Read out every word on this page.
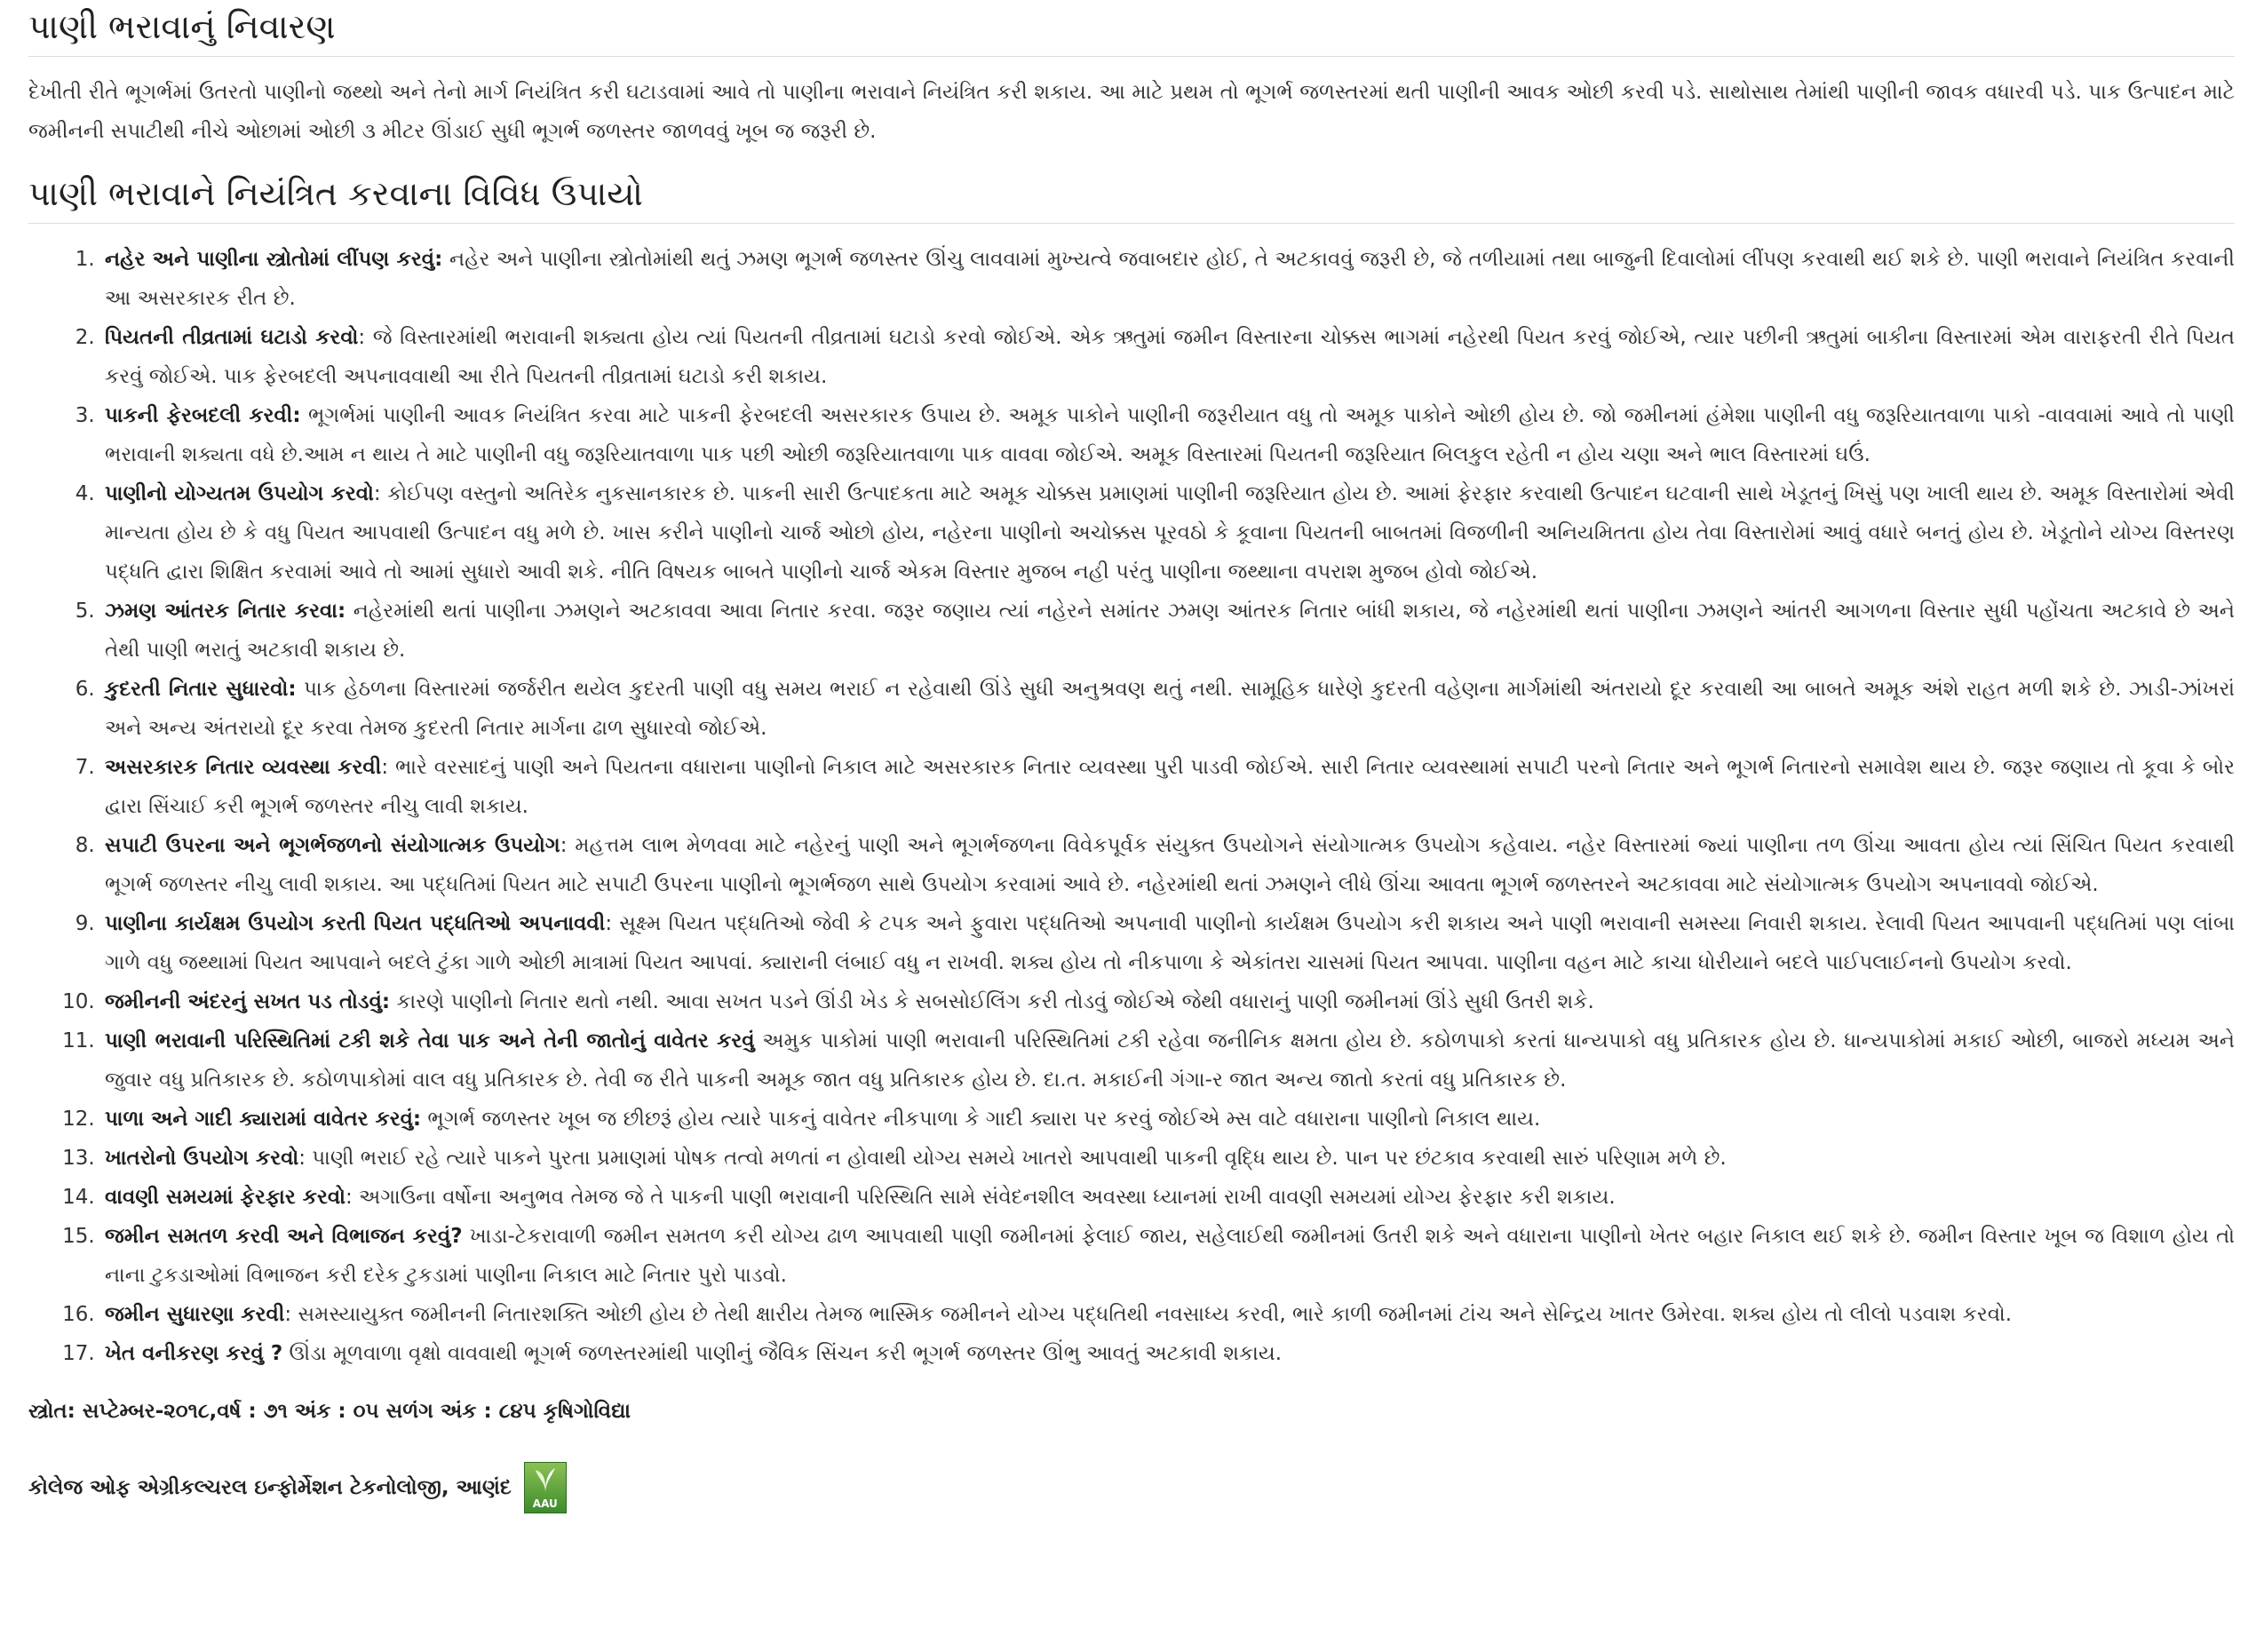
પાણી ભરાવાનું નિવારણ

દેખીતી રીતે ભૂગર્ભમાં ઉતરતો પાણીનો જથ્થો અને તેનો માર્ગ નિયંત્રિત કરી ઘટાડવામાં આવે તો પાણીના ભરાવાને નિયંત્રિત કરી શકાય. આ માટે પ્રથમ તો ભૂગર્ભ જળસ્તરમાં થતી પાણીની આવક ઓછી કરવી પડે. સાથોસાથ તેમાંથી પાણીની જાવક વધારવી પડે. પાક ઉત્પાદન માટે જમીનની સપાટીથી નીચે ઓછામાં ઓછી ૩ મીટર ઊંડાઈ સુધી ભૂગર્ભ જળસ્તર જાળવવું ખૂબ જ જરૂરી છે.

પાણી ભરાવાને નિયંત્રિત કરવાના વિવિધ ઉપાયો
1. નહેર અને પાણીના સ્ત્રોતોમાં લીંપણ કરવું: નહેર અને પાણીના સ્ત્રોતોમાંથી થતું ઝમણ ભૂગર્ભ જળસ્તર ઊંચુ લાવવામાં મુખ્યત્વે જવાબદાર હોઈ, તે અટકાવવું જરૂરી છે, જે તળીયામાં તથા બાજુની દિવાલોમાં લીંપણ કરવાથી થઈ શકે છે. પાણી ભરાવાને નિયંત્રિત કરવાની આ અસરકારક રીત છે.
2. પિયતની તીવ્રતામાં ઘટાડો કરવો: જે વિસ્તારમાંથી ભરાવાની શક્યતા હોય ત્યાં પિયતની તીવ્રતામાં ઘટાડો કરવો જોઈએ. એક ઋતુમાં જમીન વિસ્તારના ચોક્કસ ભાગમાં નહેરથી પિયત કરવું જોઈએ, ત્યાર પછીની ઋતુમાં બાકીના વિસ્તારમાં એમ વારાફરતી રીતે પિયત કરવું જોઈએ. પાક ફેરબદલી અપનાવવાથી આ રીતે પિયતની તીવ્રતામાં ઘટાડો કરી શકાય.
3. પાકની ફેરબદલી કરવી: ભૂગર્ભમાં પાણીની આવક નિયંત્રિત કરવા માટે પાકની ફેરબદલી અસરકારક ઉપાય છે. અમૂક પાકોને પાણીની જરૂરીયાત વધુ તો અમૂક પાકોને ઓછી હોય છે. જો જમીનમાં હંમેશા પાણીની વધુ જરૂરિયાતવાળા પાકો -વાવવામાં આવે તો પાણી ભરાવાની શક્યતા વધે છે.આમ ન થાય તે માટે પાણીની વધુ જરૂરિયાતવાળા પાક પછી ઓછી જરૂરિયાતવાળા પાક વાવવા જોઈએ. અમૂક વિસ્તારમાં પિયતની જરૂરિયાત બિલકુલ રહેતી ન હોય ચણા અને ભાલ વિસ્તારમાં ઘઉં.
4. પાણીનો યોગ્યતમ ઉપયોગ કરવો: કોઈપણ વસ્તુનો અતિરેક નુકસાનકારક છે. પાકની સારી ઉત્પાદકતા માટે અમૂક ચોક્કસ પ્રમાણમાં પાણીની જરૂરિયાત હોય છે. આમાં ફેરફાર કરવાથી ઉત્પાદન ઘટવાની સાથે ખેડૂતનું ખિસું પણ ખાલી થાય છે. અમૂક વિસ્તારોમાં એવી માન્યતા હોય છે કે વધુ પિયત આપવાથી ઉત્પાદન વધુ મળે છે. ખાસ કરીને પાણીનો ચાર્જ ઓછો હોય, નહેરના પાણીનો અચોક્કસ પૂરવઠો કે કૂવાના પિયતની બાબતમાં વિજળીની અનિયમિતતા હોય તેવા વિસ્તારોમાં આવું વધારે બનતું હોય છે. ખેડૂતોને યોગ્ય વિસ્તરણ પદ્ધતિ દ્વારા શિક્ષિત કરવામાં આવે તો આમાં સુધારો આવી શકે. નીતિ વિષયક બાબતે પાણીનો ચાર્જ એકમ વિસ્તાર મુજબ નહી પરંતુ પાણીના જથ્થાના વપરાશ મુજબ હોવો જોઈએ.
5. ઝમણ આંતરક નિતાર કરવા: નહેરમાંથી થતાં પાણીના ઝમણને અટકાવવા આવા નિતાર કરવા. જરૂર જણાય ત્યાં નહેરને સમાંતર ઝમણ આંતરક નિતાર બાંધી શકાય, જે નહેરમાંથી થતાં પાણીના ઝમણને આંતરી આગળના વિસ્તાર સુધી પહોંચતા અટકાવે છે અને તેથી પાણી ભરાતું અટકાવી શકાય છે.
6. કુદરતી નિતાર સુધારવો: પાક હેઠળના વિસ્તારમાં જર્જરીત થયેલ કુદરતી પાણી વધુ સમય ભરાઈ ન રહેવાથી ઊંડે સુધી અનુશ્રવણ થતું નથી. સામૂહિક ધારેણે કુદરતી વહેણના માર્ગમાંથી અંતરાયો દૂર કરવાથી આ બાબતે અમૂક અંશે રાહત મળી શકે છે. ઝાડી-ઝાંખરાં અને અન્ય અંતરાયો દૂર કરવા તેમજ કુદરતી નિતાર માર્ગના ઢાળ સુધારવો જોઈએ.
7. અસરકારક નિતાર વ્યવસ્થા કરવી: ભારે વરસાદનું પાણી અને પિયતના વધારાના પાણીનો નિકાલ માટે અસરકારક નિતાર વ્યવસ્થા પુરી પાડવી જોઈએ. સારી નિતાર વ્યવસ્થામાં સપાટી પરનો નિતાર અને ભૂગર્ભ નિતારનો સમાવેશ થાય છે. જરૂર જણાય તો કૂવા કે બોર દ્વારા સિંચાઈ કરી ભૂગર્ભ જળસ્તર નીચુ લાવી શકાય.
8. સપાટી ઉપરના અને ભૂગર્ભજળનો સંયોગાત્મક ઉપયોગ: મહત્તમ લાભ મેળવવા માટે નહેરનું પાણી અને ભૂગર્ભજળના વિવેકપૂર્વક સંયુક્ત ઉપયોગને સંયોગાત્મક ઉપયોગ કહેવાય. નહેર વિસ્તારમાં જ્યાં પાણીના તળ ઊંચા આવતા હોય ત્યાં સિંચિત પિયત કરવાથી ભૂગર્ભ જળસ્તર નીચુ લાવી શકાય. આ પદ્ધતિમાં પિયત માટે સપાટી ઉપરના પાણીનો ભૂગર્ભજળ સાથે ઉપયોગ કરવામાં આવે છે. નહેરમાંથી થતાં ઝમણને લીધે ઊંચા આવતા ભૂગર્ભ જળસ્તરને અટકાવવા માટે સંયોગાત્મક ઉપયોગ અપનાવવો જોઈએ.
9. પાણીના કાર્યક્ષમ ઉપયોગ કરતી પિયત પદ્ધતિઓ અપનાવવી: સૂક્ષ્મ પિયત પદ્ધતિઓ જેવી કે ટપક અને ફુવારા પદ્ધતિઓ અપનાવી પાણીનો કાર્યક્ષમ ઉપયોગ કરી શકાય અને પાણી ભરાવાની સમસ્યા નિવારી શકાય. રેલાવી પિયત આપવાની પદ્ધતિમાં પણ લાંબા ગાળે વધુ જથ્થામાં પિયત આપવાને બદલે ટુંકા ગાળે ઓછી માત્રામાં પિયત આપવાં. ક્યારાની લંબાઈ વધુ ન રાખવી. શક્ય હોય તો નીકપાળા કે એકાંતરા ચાસમાં પિયત આપવા. પાણીના વહન માટે કાચા ધોરીયાને બદલે પાઈપલાઈનનો ઉપયોગ કરવો.
10. જમીનની અંદરનું સખત પડ તોડવું: કારણે પાણીનો નિતાર થતો નથી. આવા સખત પડને ઊંડી ખેડ કે સબસોઈલિંગ કરી તોડવું જોઈએ જેથી વધારાનું પાણી જમીનમાં ઊંડે સુધી ઉતરી શકે.
11. પાણી ભરાવાની પરિસ્થિતિમાં ટકી શકે તેવા પાક અને તેની જાતોનું વાવેતર કરવું અમુક પાકોમાં પાણી ભરાવાની પરિસ્થિતિમાં ટકી રહેવા જનીનિક ક્ષમતા હોય છે. કઠોળપાકો કરતાં ધાન્યપાકો વધુ પ્રતિકારક હોય છે. ધાન્યપાકોમાં મકાઈ ઓછી, બાજરો મધ્યમ અને જુવાર વધુ પ્રતિકારક છે. કઠોળપાકોમાં વાલ વધુ પ્રતિકારક છે. તેવી જ રીતે પાકની અમૂક જાત વધુ પ્રતિકારક હોય છે. દા.ત. મકાઈની ગંગા-ર જાત અન્ય જાતો કરતાં વધુ પ્રતિકારક છે.
12. પાળા અને ગાદી ક્યારામાં વાવેતર કરવું: ભૂગર્ભ જળસ્તર ખૂબ જ છીછરૂં હોય ત્યારે પાકનું વાવેતર નીકપાળા કે ગાદી ક્યારા પર કરવું જોઈએ મ્સ વાટે વધારાના પાણીનો નિકાલ થાય.
13. ખાતરોનો ઉપયોગ કરવો: પાણી ભરાઈ રહે ત્યારે પાકને પુરતા પ્રમાણમાં પોષક તત્વો મળતાં ન હોવાથી યોગ્ય સમયે ખાતરો આપવાથી પાકની વૃદ્ધિ થાય છે. પાન પર છંટકાવ કરવાથી સારું પરિણામ મળે છે.
14. વાવણી સમયમાં ફેરફાર કરવો: અગાઉના વર્ષોના અનુભવ તેમજ જે તે પાકની પાણી ભરાવાની પરિસ્થિતિ સામે સંવેદનશીલ અવસ્થા ધ્યાનમાં રાખી વાવણી સમયમાં યોગ્ય ફેરફાર કરી શકાય.
15. જમીન સમતળ કરવી અને વિભાજન કરવું? ખાડા-ટેકરાવાળી જમીન સમતળ કરી યોગ્ય ઢાળ આપવાથી પાણી જમીનમાં ફેલાઈ જાય, સહેલાઈથી જમીનમાં ઉતરી શકે અને વધારાના પાણીનો ખેતર બહાર નિકાલ થઈ શકે છે. જમીન વિસ્તાર ખૂબ જ વિશાળ હોય તો નાના ટુકડાઓમાં વિભાજન કરી દરેક ટુકડામાં પાણીના નિકાલ માટે નિતાર પુરો પાડવો.
16. જમીન સુધારણા કરવી: સમસ્યાયુક્ત જમીનની નિતારશક્તિ ઓછી હોય છે તેથી ક્ષારીય તેમજ ભાસ્મિક જમીનને યોગ્ય પદ્ધતિથી નવસાધ્ય કરવી, ભારે કાળી જમીનમાં ટાંચ અને સેન્દ્રિય ખાતર ઉમેરવા. શક્ય હોય તો લીલો પડવાશ કરવો.
17. ખેત વનીકરણ કરવું ? ઊંડા મૂળવાળા વૃક્ષો વાવવાથી ભૂગર્ભ જળસ્તરમાંથી પાણીનું જૈવિક સિંચન કરી ભૂગર્ભ જળસ્તર ઊંભુ આવતું અટકાવી શકાય.
સ્ત્રોત: સપ્ટેમ્બર-૨૦૧૮,વર્ષ : ૭૧ અંક : ૦૫ સળંગ અંક : ૮૪૫ કૃષિગોવિદ્યા
કોલેજ ઓફ એગ્રીકલ્ચરલ ઇન્ફોર્મેશન ટેકનોલોજી, આણંદ
AAU
